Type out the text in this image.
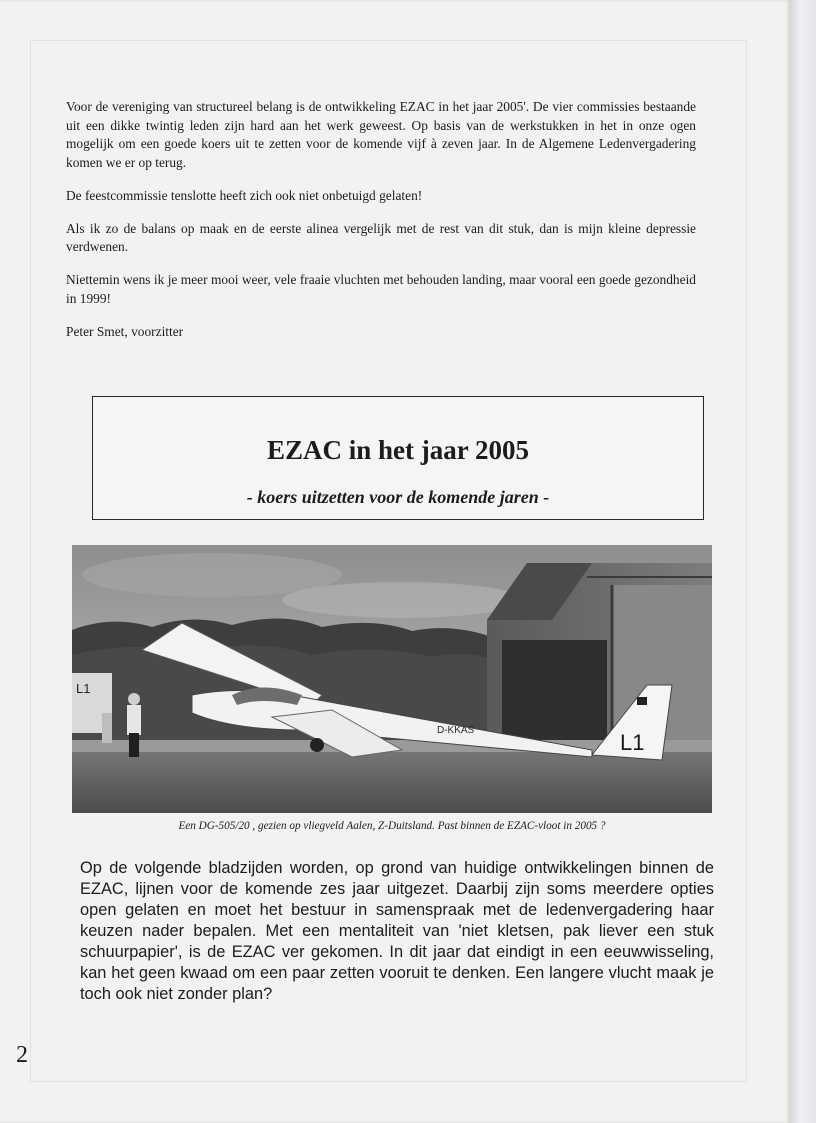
Voor de vereniging van structureel belang is de ontwikkeling EZAC in het jaar 2005'. De vier commissies bestaande uit een dikke twintig leden zijn hard aan het werk geweest. Op basis van de werkstukken in het in onze ogen mogelijk om een goede koers uit te zetten voor de komende vijf à zeven jaar. In de Algemene Ledenvergadering komen we er op terug.

De feestcommissie tenslotte heeft zich ook niet onbetuigd gelaten!

Als ik zo de balans op maak en de eerste alinea vergelijk met de rest van dit stuk, dan is mijn kleine depressie verdwenen.

Niettemin wens ik je meer mooi weer, vele fraaie vluchten met behouden landing, maar vooral een goede gezondheid in 1999!

Peter Smet, voorzitter

EZAC in het jaar 2005
- koers uitzetten voor de komende jaren -
L1
L1
D-KKAS
Een DG-505/20 , gezien op vliegveld Aalen, Z-Duitsland. Past binnen de EZAC-vloot in 2005 ?
Op de volgende bladzijden worden, op grond van huidige ontwikkelingen binnen de EZAC, lijnen voor de komende zes jaar uitgezet. Daarbij zijn soms meerdere opties open gelaten en moet het bestuur in samenspraak met de ledenvergadering haar keuzen nader bepalen. Met een mentaliteit van 'niet kletsen, pak liever een stuk schuurpapier', is de EZAC ver gekomen. In dit jaar dat eindigt in een eeuwwisseling, kan het geen kwaad om een paar zetten vooruit te denken. Een langere vlucht maak je toch ook niet zonder plan?
2
